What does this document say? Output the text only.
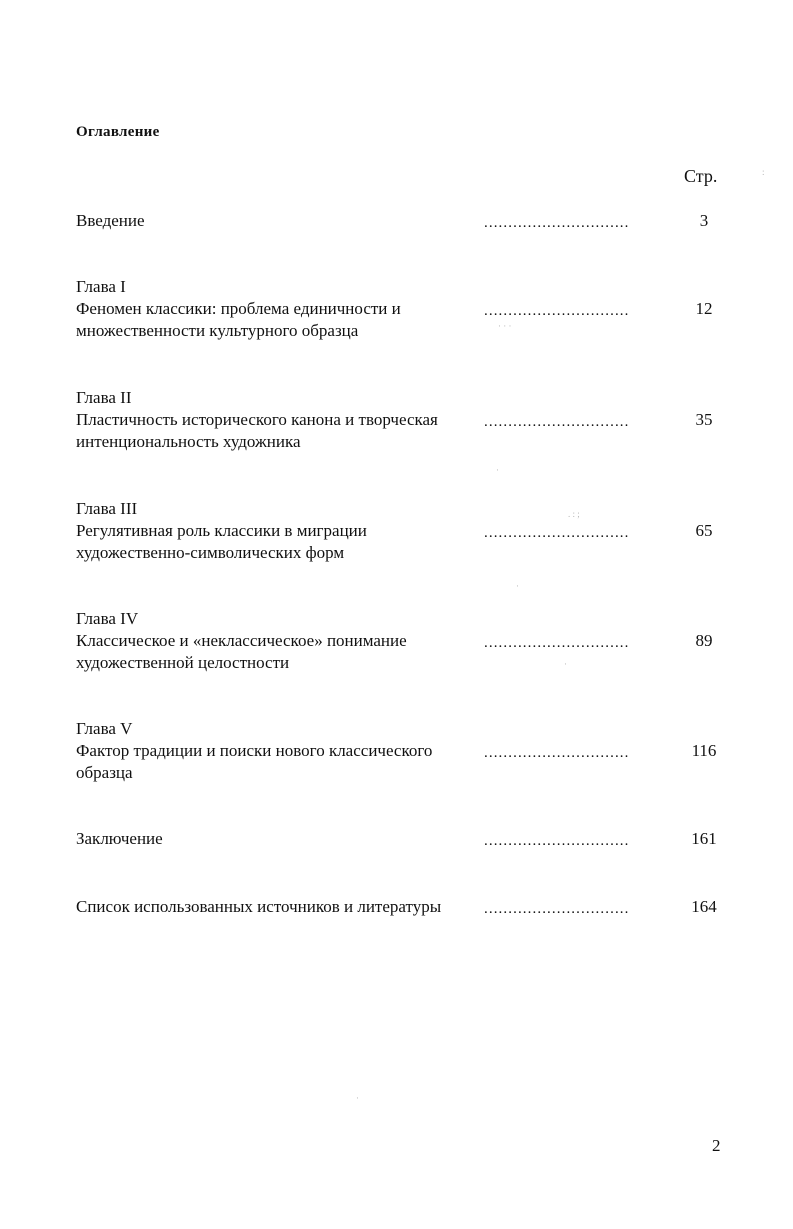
Оглавление
Стр.
Введение	..............................	3
Глава I
Феномен классики: проблема единичности и
множественности культурного образца
..............................	12
Глава II
Пластичность исторического канона и творческая
интенциональность художника
..............................	35
Глава III
Регулятивная роль классики в миграции
художественно-символических форм
..............................	65
Глава IV
Классическое и «неклассическое» понимание
художественной целостности
..............................	89
Глава V
Фактор традиции и поиски нового классического
образца
..............................	116
Заключение	..............................	161
Список использованных источников и литературы	..............................	164
· · ·
·
. : ;
·
·
·
:
2
